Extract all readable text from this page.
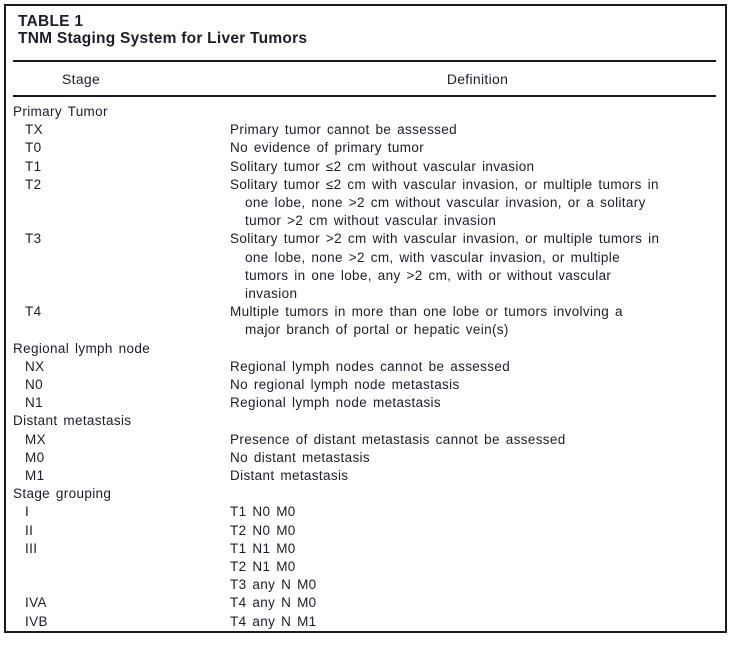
TABLE 1
TNM Staging System for Liver Tumors
Stage	Definition
Primary Tumor
TX	Primary tumor cannot be assessed
T0	No evidence of primary tumor
T1	Solitary tumor ≤2 cm without vascular invasion
T2	Solitary tumor ≤2 cm with vascular invasion, or multiple tumors in
one lobe, none >2 cm without vascular invasion, or a solitary
tumor >2 cm without vascular invasion
T3	Solitary tumor >2 cm with vascular invasion, or multiple tumors in
one lobe, none >2 cm, with vascular invasion, or multiple
tumors in one lobe, any >2 cm, with or without vascular
invasion
T4	Multiple tumors in more than one lobe or tumors involving a
major branch of portal or hepatic vein(s)
Regional lymph node
NX	Regional lymph nodes cannot be assessed
N0	No regional lymph node metastasis
N1	Regional lymph node metastasis
Distant metastasis
MX	Presence of distant metastasis cannot be assessed
M0	No distant metastasis
M1	Distant metastasis
Stage grouping
I	T1 N0 M0
II	T2 N0 M0
III	T1 N1 M0
T2 N1 M0
T3 any N M0
IVA	T4 any N M0
IVB	T4 any N M1
